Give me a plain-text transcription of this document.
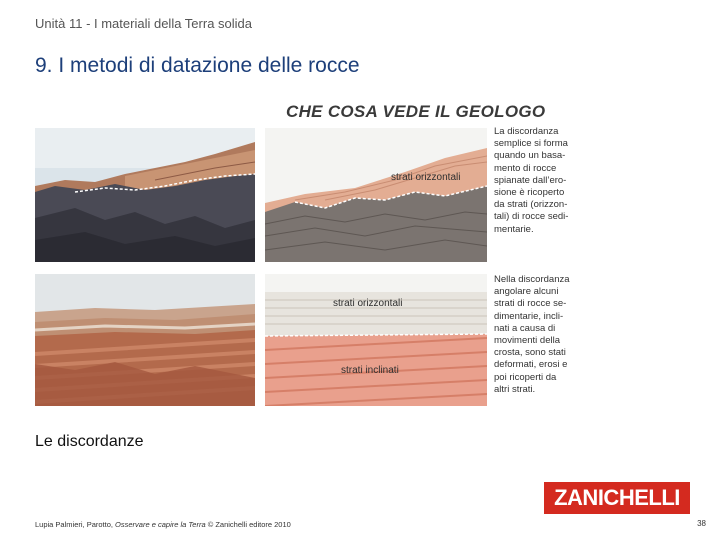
Unità 11 - I materiali della Terra solida
9. I metodi di datazione delle rocce
CHE COSA VEDE IL GEOLOGO
strati orizzontali
La discordanza
semplice si forma
quando un basa-
mento di rocce
spianate dall’ero-
sione è ricoperto
da strati (orizzon-
tali) di rocce sedi-
mentarie.
strati orizzontali
strati inclinati
Nella discordanza
angolare alcuni
strati di rocce se-
dimentarie, incli-
nati a causa di
movimenti della
crosta, sono stati
deformati, erosi e
poi ricoperti da
altri strati.
Le discordanze
ZANICHELLI
Lupia Palmieri, Parotto, Osservare e capire la Terra © Zanichelli editore 2010	38
